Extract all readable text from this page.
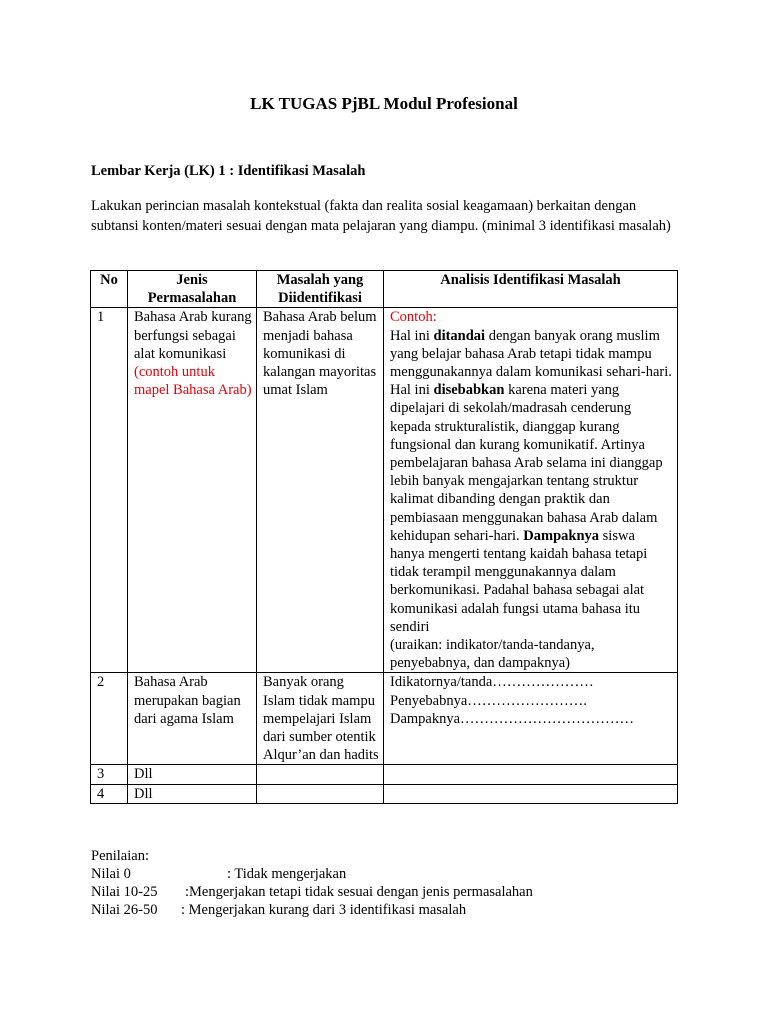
LK TUGAS PjBL Modul Profesional
Lembar Kerja (LK) 1 : Identifikasi Masalah
Lakukan perincian masalah kontekstual (fakta dan realita sosial keagamaan) berkaitan dengan subtansi konten/materi sesuai dengan mata pelajaran yang diampu. (minimal 3 identifikasi masalah)
No	Jenis Permasalahan	Masalah yang Diidentifikasi	Analisis Identifikasi Masalah
1	Bahasa Arab kurang berfungsi sebagai alat komunikasi (contoh untuk mapel Bahasa Arab)	Bahasa Arab belum menjadi bahasa komunikasi di kalangan mayoritas umat Islam	Contoh:
Hal ini ditandai dengan banyak orang muslim yang belajar bahasa Arab tetapi tidak mampu menggunakannya dalam komunikasi sehari-hari. Hal ini disebabkan karena materi yang dipelajari di sekolah/madrasah cenderung kepada strukturalistik, dianggap kurang fungsional dan kurang komunikatif. Artinya pembelajaran bahasa Arab selama ini dianggap lebih banyak mengajarkan tentang struktur kalimat dibanding dengan praktik dan pembiasaan menggunakan bahasa Arab dalam kehidupan sehari-hari. Dampaknya siswa hanya mengerti tentang kaidah bahasa tetapi tidak terampil menggunakannya dalam berkomunikasi. Padahal bahasa sebagai alat komunikasi adalah fungsi utama bahasa itu sendiri
(uraikan: indikator/tanda-tandanya, penyebabnya, dan dampaknya)

2	Bahasa Arab merupakan bagian dari agama Islam	Banyak orang Islam tidak mampu mempelajari Islam dari sumber otentik Alqur’an dan hadits	Idikatornya/tanda…………………
Penyebabnya…………………….
Dampaknya………………………………

3	Dll		
4	Dll		
Penilaian:
Nilai 0	: Tidak mengerjakan
Nilai 10-25	:Mengerjakan tetapi tidak sesuai dengan jenis permasalahan
Nilai 26-50	: Mengerjakan kurang dari 3 identifikasi masalah
